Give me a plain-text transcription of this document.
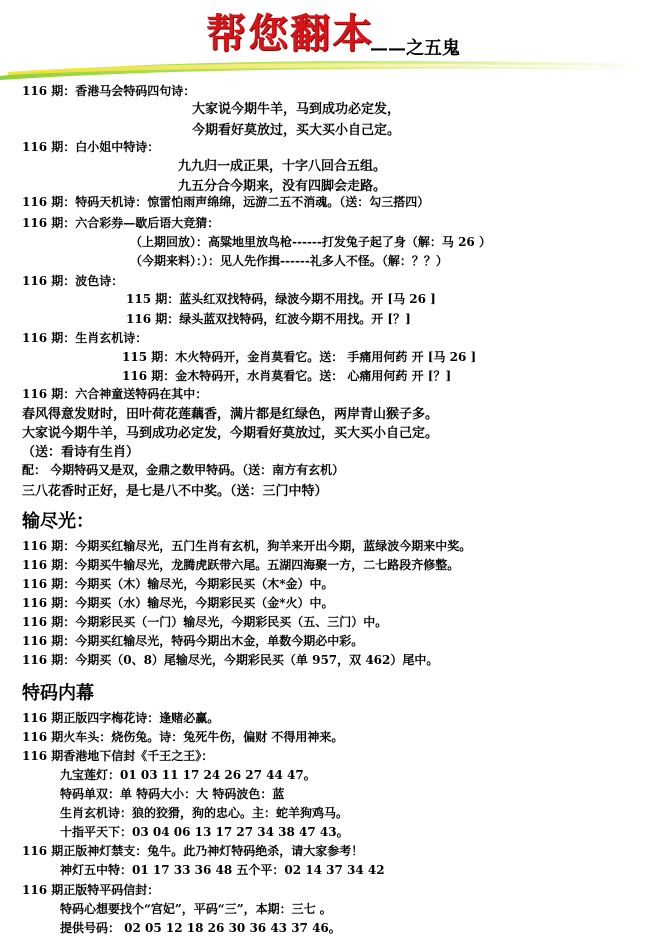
帮您翻本
——之五鬼
116 期：香港马会特码四句诗：
大家说今期牛羊，马到成功必定发，
今期看好莫放过，买大买小自己定。
116 期：白小姐中特诗：
九九归一成正果，十字八回合五组。
九五分合今期来，没有四脚会走路。
116 期：特码天机诗：惊雷怕雨声绵绵，远游二五不消魂。（送：勾三搭四）
116 期：六合彩券—歇后语大竞猜：
（上期回放）：高粱地里放鸟枪------打发兔子起了身（解：马 26 ）
（今期来料）：）：见人先作揖------礼多人不怪。（解：？？）
116 期：波色诗：
115 期：蓝头红双找特码，绿波今期不用找。开 [马 26 ]
116 期：绿头蓝双找特码，红波今期不用找。开 [？]
116 期：生肖玄机诗：
115 期：木火特码开，金肖莫看它。送： 手痛用何药 开 [马 26 ]
116 期：金木特码开，水肖莫看它。送： 心痛用何药 开 [？]
116 期：六合神童送特码在其中：
春风得意发财时，田叶荷花莲藕香，满片都是红绿色，两岸青山猴子多。
大家说今期牛羊，马到成功必定发，今期看好莫放过，买大买小自己定。
（送：看诗有生肖）
配： 今期特码又是双，金鼎之数甲特码。（送：南方有玄机）
三八花香时正好，是七是八不中奖。（送：三门中特）
输尽光：
116 期：今期买红输尽光，五门生肖有玄机，狗羊来开出今期，蓝绿波今期来中奖。
116 期：今期买牛输尽光，龙腾虎跃带六尾。五湖四海聚一方，二七路段齐修整。
116 期：今期买（木）输尽光，今期彩民买（木*金）中。
116 期：今期买（水）输尽光，今期彩民买（金*火）中。
116 期：今期彩民买（一门）输尽光，今期彩民买（五、三门）中。
116 期：今期买红输尽光，特码今期出木金，单数今期必中彩。
116 期：今期买（0、8）尾输尽光，今期彩民买（单 957，双 462）尾中。
特码内幕
116 期正版四字梅花诗：逢赌必赢。
116 期火车头：烧伤兔。诗：兔死牛伤，偏财 不得用神来。
116 期香港地下信封《千王之王》：
九宝莲灯：01 03 11 17 24 26 27 44 47。
特码单双：单 特码大小：大 特码波色：蓝
生肖玄机诗：狼的狡猾，狗的忠心。主：蛇羊狗鸡马。
十指平天下：03 04 06 13 17 27 34 38 47 43。
116 期正版神灯禁支：兔牛。此乃神灯特码绝杀，请大家参考！
神灯五中特：01 17 33 36 48 五个平：02 14 37 34 42
116 期正版特平码信封：
特码心想要找个“宫妃”，平码“三”，本期：三七 。
提供号码： 02 05 12 18 26 30 36 43 37 46。
